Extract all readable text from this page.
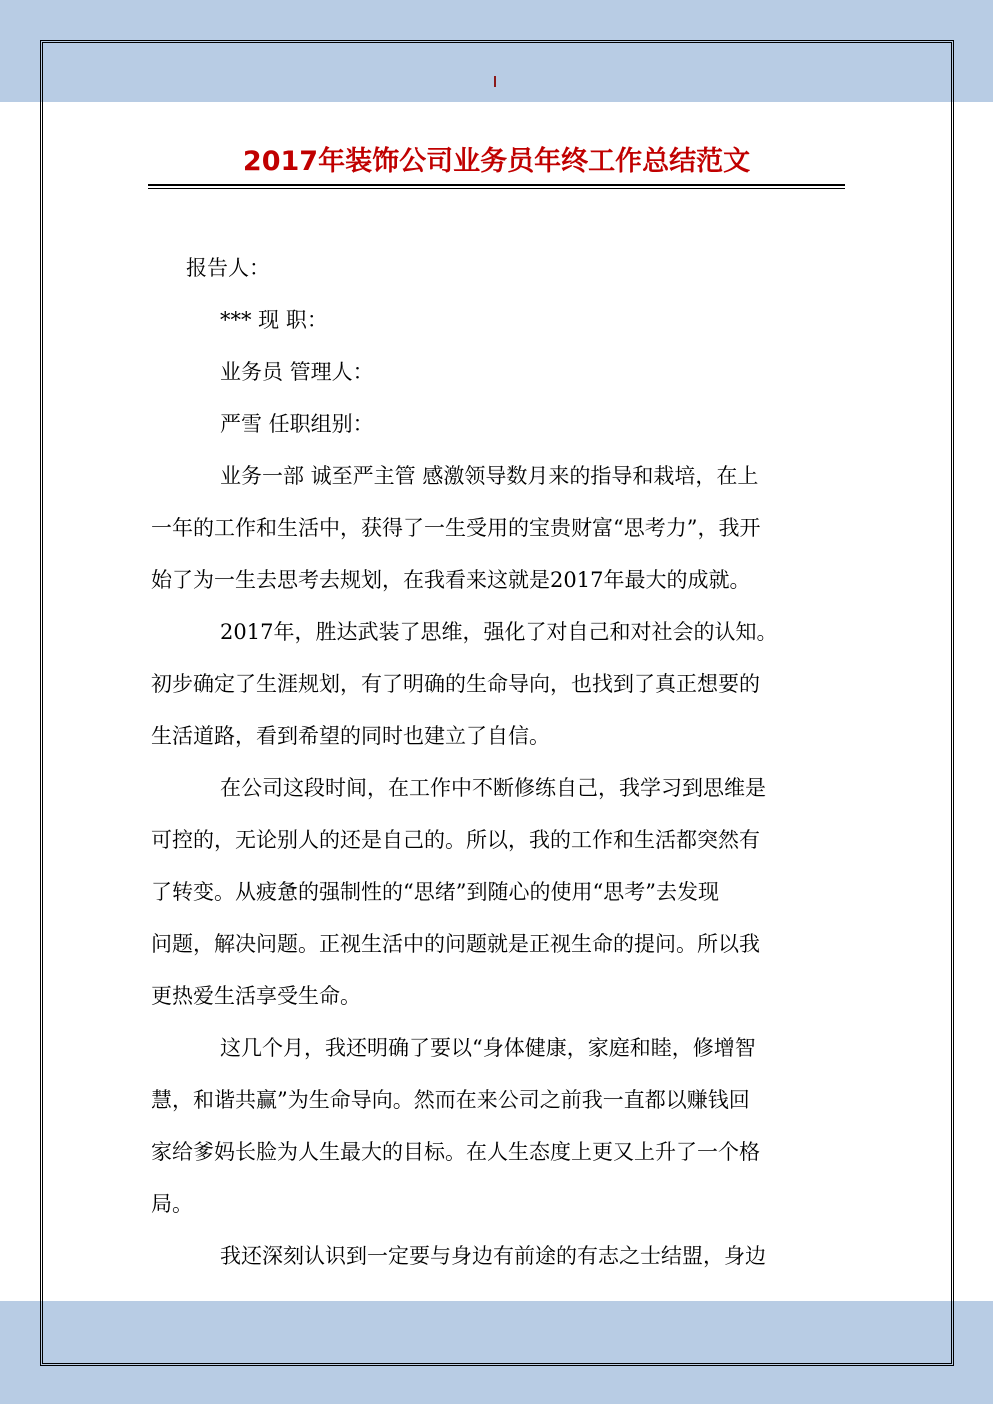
2017年装饰公司业务员年终工作总结范文
报告人：
*** 现 职：
业务员 管理人：
严雪 任职组别：
业务一部 诚至严主管 感激领导数月来的指导和栽培，在上
一年的工作和生活中，获得了一生受用的宝贵财富“思考力”，我开
始了为一生去思考去规划，在我看来这就是2017年最大的成就。
2017年，胜达武装了思维，强化了对自己和对社会的认知。
初步确定了生涯规划，有了明确的生命导向，也找到了真正想要的
生活道路，看到希望的同时也建立了自信。
在公司这段时间，在工作中不断修练自己，我学习到思维是
可控的，无论别人的还是自己的。所以，我的工作和生活都突然有
了转变。从疲惫的强制性的“思绪”到随心的使用“思考”去发现
问题，解决问题。正视生活中的问题就是正视生命的提问。所以我
更热爱生活享受生命。
这几个月，我还明确了要以“身体健康，家庭和睦，修增智
慧，和谐共赢”为生命导向。然而在来公司之前我一直都以赚钱回
家给爹妈长脸为人生最大的目标。在人生态度上更又上升了一个格
局。
我还深刻认识到一定要与身边有前途的有志之士结盟，身边
